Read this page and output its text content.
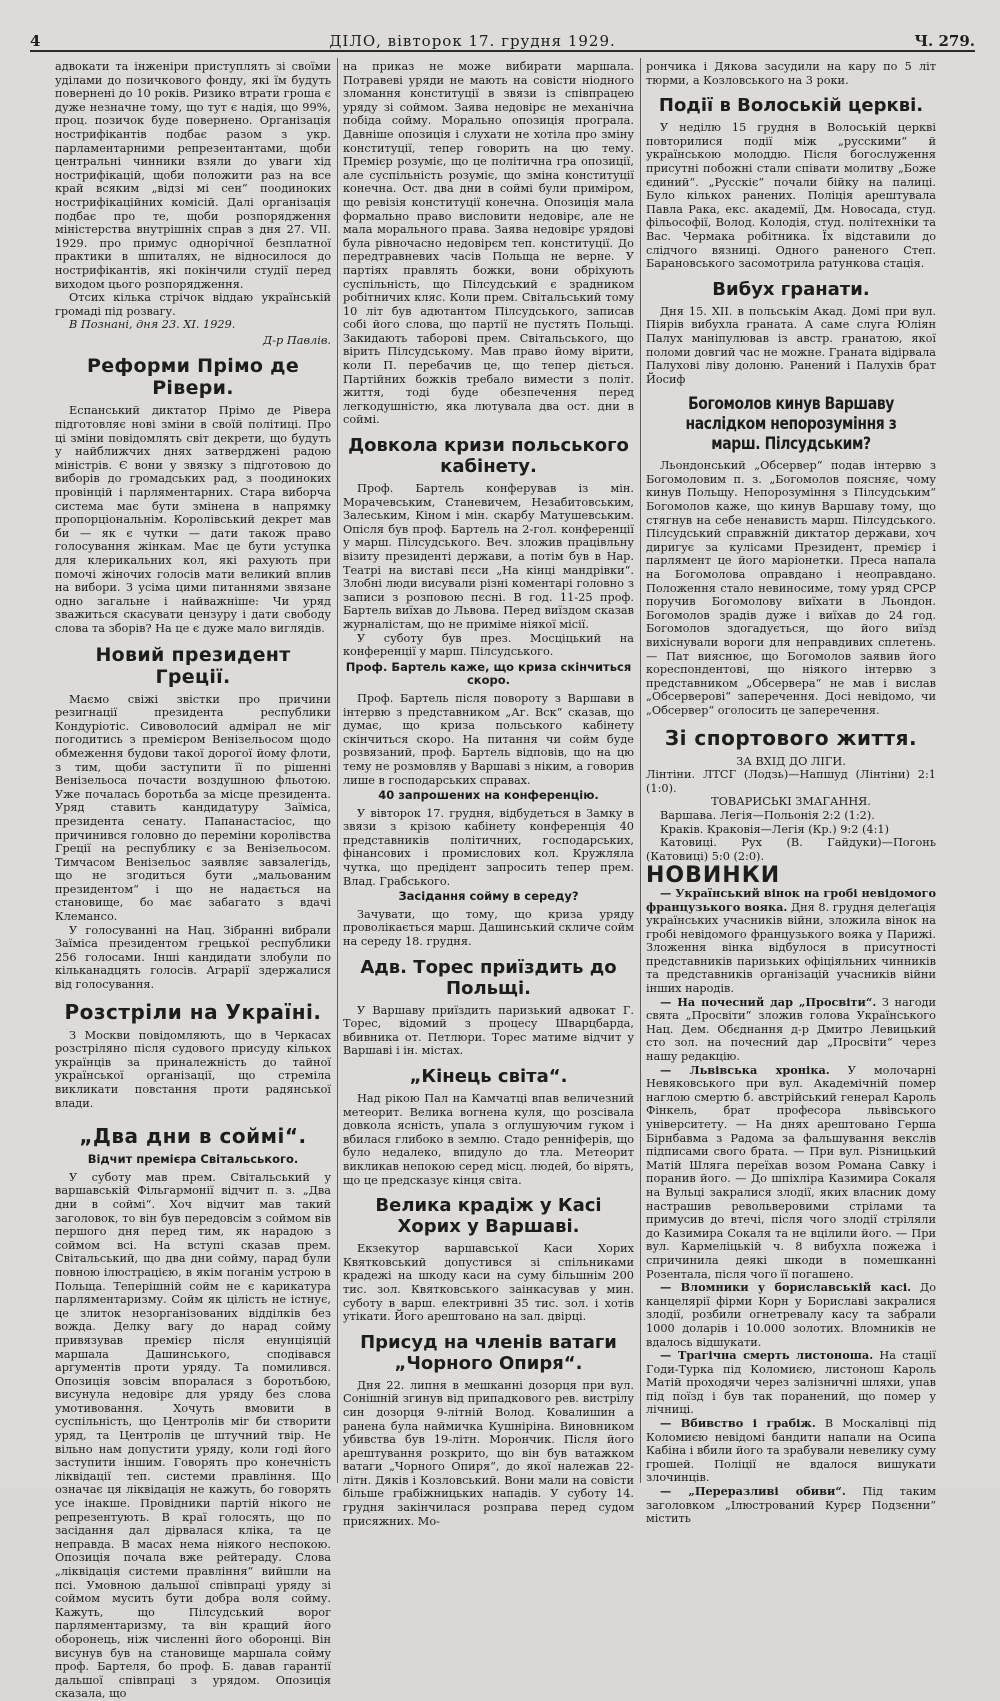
4	ДІЛО, вівторок 17. грудня 1929.	Ч. 279.

адвокати та інженіри приступлять зі своїми уділами до позичкового фонду, які їм будуть повернені до 10 років. Ризико втрати гроша є дуже незначне тому, що тут є надія, що 99%, проц. позичок буде повернено. Організація нострифікантів подбає разом з укр. парламентарними репрезентантами, щоби центральні чинники взяли до уваги хід нострифікацій, щоби положити раз на все край всяким „відзі мі сен“ поодиноких нострифікаційних комісій. Далі організація подбає про те, щоби розпорядження міністерства внутрішніх справ з дня 27. VII. 1929. про примус однорічної безплатної практики в шпиталях, не відносилося до нострифікантів, які покінчили студії перед виходом цього розпорядження.

Отсих кілька стрічок віддаю українській громаді під розвагу.

В Познані, дня 23. XI. 1929.

Д-р Павлів.
Реформи Прімо де Рівери.

Еспанський диктатор Прімо де Рівера підготовляє нові зміни в своїй політиці. Про ці зміни повідомлять світ декрети, що будуть у найближчих днях затверджені радою міністрів. Є вони у звязку з підготовою до виборів до громадських рад, з поодиноких провінцій і парляментарних. Стара виборча система має бути змінена в напрямку пропорціональнім. Королівський декрет мав би — як є чутки — дати також право голосування жінкам. Має це бути уступка для клерикальних кол, які рахують при помочі жіночих голосів мати великий вплив на вибори. З усіма цими питаннями звязане одно загальне і найважніше: Чи уряд зважиться скасувати цензуру і дати свободу слова та зборів? На це є дуже мало виглядів.

Новий президент Греції.

Маємо свіжі звістки про причини резигнації президента республики Кондуріотіс. Сивоволосий адмірал не міг погодитись з премієром Венізельосом щодо обмеження будови такої дорогої йому флоти, з тим, щоби заступити її по рішенні Венізельоса почасти воздушною фльотою. Уже почалась боротьба за місце президента. Уряд ставить кандидатуру Заїміса, президента сенату. Папанастасіос, що причинився головно до переміни королівства Греції на республику є за Венізельосом. Тимчасом Венізельос заявляє завзалегідь, що не згодиться бути „мальованим президентом“ і що не надається на становище, бо має забагато з вдачі Клемансо.

У голосуванні на Нац. Зібранні вибрали Заїміса президентом грецької республики 256 голосами. Інші кандидати злобули по кільканадцять голосів. Аграрії здержалися від голосування.

Розстріли на Україні.

З Москви повідомляють, що в Черкасах розстріляно після судового присуду кількох українців за приналежність до тайної української організації, що стреміла викликати повстання проти радянської влади.

„Два дни в соймі“.
Відчит премієра Світальського.

У суботу мав прем. Світальський у варшавській Фільгармонії відчит п. з. „Два дни в соймі“. Хоч відчит мав такий заголовок, то він був передовсім з соймом вів першого дня перед тим, як нарадою з соймом всі. На вступі сказав прем. Світальський, що два дни сойму, парад були повною ілюстрацією, в якім поганім устрою в Польща. Теперішній сойм не є карикатура парляментаризму. Сойм як цілість не істнує, це злиток незорганізованих відділків без вожда. Делку вагу до нарад сойму привязував премієр після енунціяцій маршала Дашинського, сподівався аргументів проти уряду. Та помилився. Опозиція зовсім впоралася з боротьбою, висунула недовірє для уряду без слова умотивовання. Хочуть вмовити в суспільність, що Центролів міг би створити уряд, та Центролів це штучний твір. Не вільно нам допустити уряду, коли годі його заступити іншим. Говорять про конечність ліквідації теп. системи правління. Що означає ця ліквідація не кажуть, бо говорять усе інакше. Провідники партій нікого не репрезентують. В краї голосять, що по засідання дал дірвалася кліка, та це неправда. В масах нема ніякого неспокою. Опозиція почала вже рейтераду. Слова „ліквідація системи правління“ вийшли на псі. Умовною дальшої співпраці уряду зі соймом мусить бути добра воля сойму. Кажуть, що Пілсудський ворог парляментаризму, та він кращий його оборонець, ніж численні його оборонці. Він висунув був на становище маршала сойму проф. Бартеля, бо проф. Б. давав гарантії дальшої співпраці з урядом. Опозиція сказала, що

на приказ не може вибирати маршала. Потравеві уряди не мають на совісти ніодного зломання конституції в звязи із співпрацею уряду зі соймом. Заява недовірє не механічна побіда сойму. Морально опозиція програла. Давніше опозиція і слухати не хотіла про зміну конституції, тепер говорить на цю тему. Премієр розуміє, що це політична гра опозиції, але суспільність розуміє, що зміна конституції конечна. Ост. два дни в соймі були приміром, що ревізія конституції конечна. Опозиція мала формально право висловити недовірє, але не мала морального права. Заява недовірє урядові була рівночасно недовірєм теп. конституції. До передтравневих часів Польща не верне. У партіях правлять божки, вони обріхують суспільність, що Пілсудський є зрадником робітничих кляс. Коли прем. Світальський тому 10 літ був адютантом Пілсудського, записав собі його слова, що партії не пустять Польщі. Закидають таборові прем. Світальського, що вірить Пілсудському. Мав право йому вірити, коли П. перебачив це, що тепер діється. Партійних божків требало вимести з політ. життя, тоді буде обезпечення перед легкодушністю, яка лютувала два ост. дни в соймі.

Довкола кризи польського кабінету.

Проф. Бартель конферував із мін. Морачевським, Станевичем, Незабитовським, Залеським, Кіном і мін. скарбу Матушевським. Опісля був проф. Бартель на 2-гол. конференції у марш. Пілсудського. Веч. зложив працівльну візиту президенті держави, а потім був в Нар. Театрі на виставі пєси „На кінці мандрівки“. Злобні люди висували різні коментарі головно з записи з розповою пєсні. В год. 11-25 проф. Бартель виїхав до Львова. Перед виїздом сказав журналістам, що не приміме ніякої місії.

У суботу був през. Мосціцький на конференції у марш. Пілсудського.

Проф. Бартель каже, що криза скінчиться скоро.

Проф. Бартель після повороту з Варшави в інтервю з представником „Аг. Вск“ сказав, що думає, що криза польського кабінету скінчиться скоро. На питання чи сойм буде розвязаний, проф. Бартель відповів, що на цю тему не розмовляв у Варшаві з ніким, а говорив лише в господарських справах.

40 запрошених на конференцію.

У вівторок 17. грудня, відбудеться в Замку в звязи з крізою кабінету конференція 40 представників політичних, господарських, фінансових і промислових кол. Кружляла чутка, що предідент запросить тепер прем. Влад. Грабського.

Засідання сойму в середу?

Зачувати, що тому, що криза уряду проволікається марш. Дашинський скличе сойм на середу 18. грудня.

Адв. Торес приїздить до Польщі.

У Варшаву приїздить паризький адвокат Г. Торес, відомий з процесу Шварцбарда, вбивника от. Петлюри. Торес матиме відчит у Варшаві і ін. містах.

„Кінець світа“.

Над рікою Пал на Камчатці впав величезний метеорит. Велика вогнена куля, що розсівала довкола ясність, упала з оглушуючим гуком і вбилася глибоко в землю. Стадо ренніферів, що було недалеко, впидуло до тла. Метеорит викликав непокою серед місц. людей, бо вірять, що це предсказує кінця світа.

Велика крадіж у Касі Хорих у Варшаві.

Екзекутор варшавської Каси Хорих Квятковський допустився зі спільниками крадежі на шкоду каси на суму більшнім 200 тис. зол. Квятковського заінкасував у мин. суботу в варш. електривні 35 тис. зол. і хотів утікати. Його арештовано на зал. двірці.

Присуд на членів ватаги „Чорного Опиря“.

Дня 22. липня в мешканні дозорця при вул. Сонішній згинув від припадкового рев. вистрілу син дозорця 9-літній Волод. Ковалишин а ранена була наймичка Кушніріна. Виновником убивства був 19-літн. Морончик. Після його арештування розкрито, що він був ватажком ватаги „Чорного Опиря“, до якої належав 22-літн. Дяків і Козловський. Вони мали на совісти більше грабіжницьких нападів. У суботу 14. грудня закінчилася розправа перед судом присяжних. Мо-

рончика і Дякова засудили на кару по 5 літ тюрми, а Козловського на 3 роки.

Події в Волоській церкві.

У неділю 15 грудня в Волоській церкві повторилися події між „русскими“ й українською молоддю. Після богослуження присутні побожні стали співати молитву „Боже єдиний“. „Русскіє“ почали бійку на палиці. Було кількох ранених. Поліція арештувала Павла Рака, екс. академії, Дм. Новосада, студ. фільософії, Волод. Колодія, студ. політехніки та Вас. Чермака робітника. Їх відставили до слідчого вязниці. Одного раненого Степ. Барановського засомотрила ратункова стація.

Вибух гранати.

Дня 15. XII. в польськім Акад. Домі при вул. Піярів вибухла граната. А саме слуга Юліян Палух маніпулював із австр. гранатою, якої поломи довгий час не можне. Граната відірвала Палухові ліву долоню. Ранений і Палухів брат Йосиф

Богомолов кинув Варшаву наслідком непорозуміння з марш. Пілсудським?

Льондонський „Обсервер“ подав інтервю з Богомоловим п. з. „Богомолов поясняє, чому кинув Польщу. Непорозуміння з Пілсудським“ Богомолов каже, що кинув Варшаву тому, що стягнув на себе ненависть марш. Пілсудського. Пілсудський справжній диктатор держави, хоч диригує за кулісами Президент, премієр і парлямент це його маріонетки. Преса напала на Богомолова оправдано і неоправдано. Положення стало невиносиме, тому уряд СРСР поручив Богомолову виїхати в Льондон. Богомолов зрадів дуже і виїхав до 24 год. Богомолов здогадується, що його виїзд вихіснували вороги для неправдивих сплетень. — Пат вияснює, що Богомолов заявив його кореспондентові, що ніякого інтервю з представником „Обсервера“ не мав і вислав „Обсерверові“ заперечення. Досі невідомо, чи „Обсервер“ оголосить це заперечення.

Зі спортового життя.
ЗА ВХІД ДО ЛІГИ.

Лінтіни. ЛТСГ (Лодзь)—Напшуд (Лінтіни) 2:1 (1:0).

ТОВАРИСЬКІ ЗМАГАННЯ.

Варшава. Легія—Польонія 2:2 (1:2).

Краків. Краковія—Легія (Кр.) 9:2 (4:1)

Катовиці. Рух (В. Гайдуки)—Погонь (Катовиці) 5:0 (2:0).

НОВИНКИ

— Український вінок на гробі невідомого французького вояка. Дня 8. грудня делеґація українських учасників війни, зложила вінок на гробі невідомого французького вояка у Парижі. Зложення вінка відбулося в присутності представників паризьких офіціяльних чинників та представників організацій учасників війни інших народів.

— На почесний дар „Просвіти“. З нагоди свята „Просвіти“ зложив голова Українського Нац. Дем. Обєднання д-р Дмитро Левицький сто зол. на почесний дар „Просвіти“ через нашу редакцію.

— Львівська хроніка. У молочарні Невяковського при вул. Академічній помер наглою смертю б. австрійський генерал Кароль Фінкель, брат професора львівського університету. — На днях арештовано Герша Бірнбавма з Радома за фальшування векслів підписами свого брата. — При вул. Різницький Матій Шляга переїхав возом Романа Савку і поранив його. — До шпіхліра Казимира Сокаля на Вульці закралися злодії, яких власник дому настрашив револьверовими стрілами та примусив до втечі, після чого злодії стріляли до Казимира Сокаля та не вцілили його. — При вул. Кармеліцькій ч. 8 вибухла пожежа і спричинила деякі шкоди в помешканні Розентала, після чого її погашено.

— Вломники у бориславській касі. До канцелярії фірми Корн у Бориславі закралися злодії, розбили огнетревалу касу та забрали 1000 доларів і 10.000 золотих. Вломників не вдалось відшукати.

— Трагічна смерть листоноша. На стації Годи-Турка під Коломиєю, листонош Кароль Матій проходячи через залізничні шляхи, упав під поїзд і був так поранений, що помер у лічниці.

— Вбивство і грабіж. В Москалівці під Коломиєю невідомі бандити напали на Осипа Кабіна і вбили його та зрабували невелику суму грошей. Поліції не вдалося вишукати злочинців.

— „Переразливі обиви“. Під таким заголовком „Ілюстрований Курєр Подзєнни“ містить
